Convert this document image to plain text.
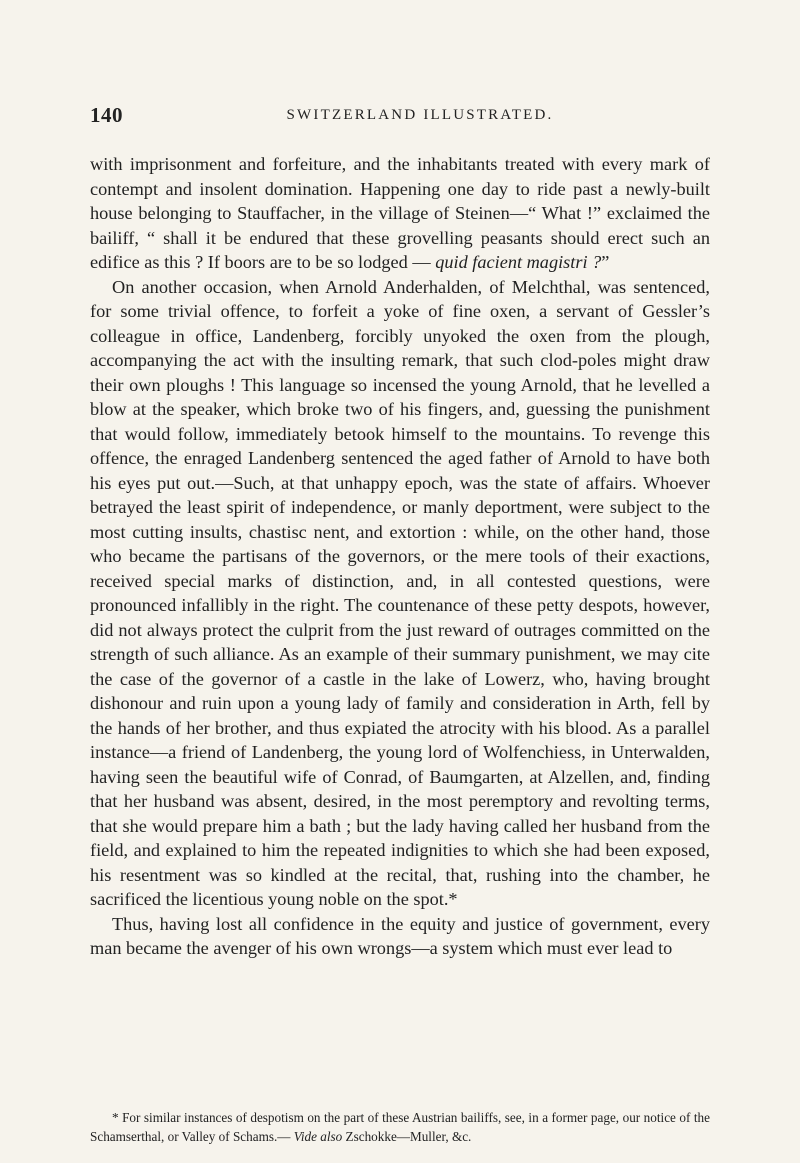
140	SWITZERLAND ILLUSTRATED.

with imprisonment and forfeiture, and the inhabitants treated with every mark of contempt and insolent domination. Happening one day to ride past a newly-built house belonging to Stauffacher, in the village of Steinen—“ What !” exclaimed the bailiff, “ shall it be endured that these grovelling peasants should erect such an edifice as this ? If boors are to be so lodged — quid facient magistri ?”

On another occasion, when Arnold Anderhalden, of Melchthal, was sentenced, for some trivial offence, to forfeit a yoke of fine oxen, a servant of Gessler’s colleague in office, Landenberg, forcibly unyoked the oxen from the plough, accompanying the act with the insulting remark, that such clod-poles might draw their own ploughs ! This language so incensed the young Arnold, that he levelled a blow at the speaker, which broke two of his fingers, and, guessing the punishment that would follow, immediately betook himself to the mountains. To revenge this offence, the enraged Landenberg sentenced the aged father of Arnold to have both his eyes put out.—Such, at that unhappy epoch, was the state of affairs. Whoever betrayed the least spirit of independence, or manly deportment, were subject to the most cutting insults, chastisc nent, and extortion : while, on the other hand, those who became the partisans of the governors, or the mere tools of their exactions, received special marks of distinction, and, in all contested questions, were pronounced infallibly in the right. The countenance of these petty despots, however, did not always protect the culprit from the just reward of outrages committed on the strength of such alliance. As an example of their summary punishment, we may cite the case of the governor of a castle in the lake of Lowerz, who, having brought dishonour and ruin upon a young lady of family and consideration in Arth, fell by the hands of her brother, and thus expiated the atrocity with his blood. As a parallel instance—a friend of Landenberg, the young lord of Wolfenchiess, in Unterwalden, having seen the beautiful wife of Conrad, of Baumgarten, at Alzellen, and, finding that her husband was absent, desired, in the most peremptory and revolting terms, that she would prepare him a bath ; but the lady having called her husband from the field, and explained to him the repeated indignities to which she had been exposed, his resentment was so kindled at the recital, that, rushing into the chamber, he sacrificed the licentious young noble on the spot.*

Thus, having lost all confidence in the equity and justice of government, every man became the avenger of his own wrongs—a system which must ever lead to

* For similar instances of despotism on the part of these Austrian bailiffs, see, in a former page, our notice of the Schamserthal, or Valley of Schams.— Vide also Zschokke—Muller, &c.
